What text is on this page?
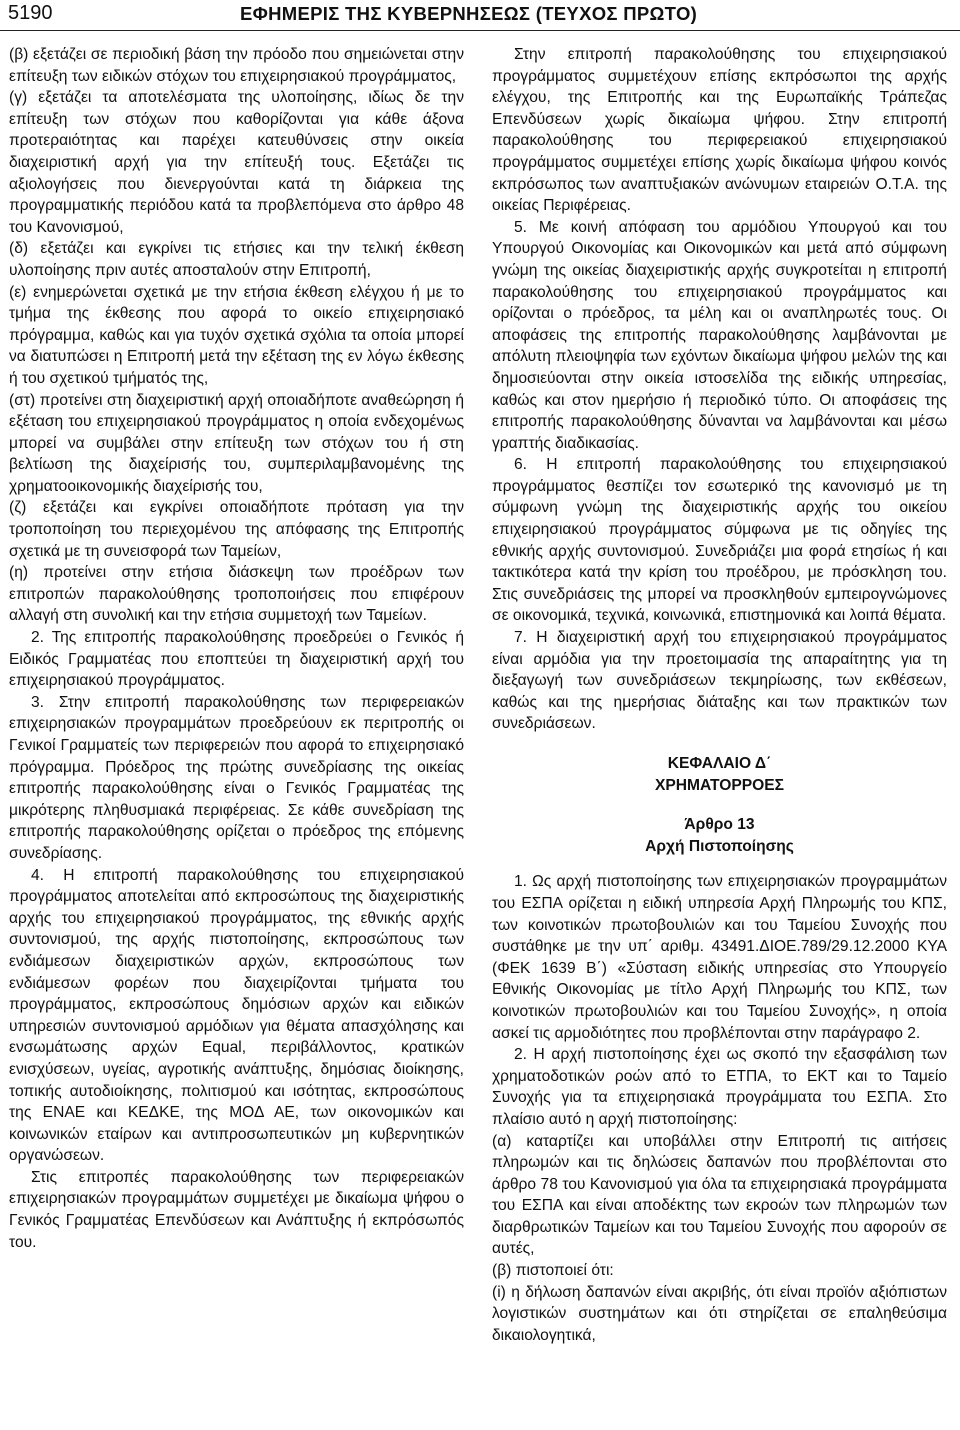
5190	ΕΦΗΜΕΡΙΣ ΤΗΣ ΚΥΒΕΡΝΗΣΕΩΣ (ΤΕΥΧΟΣ ΠΡΩΤΟ)

(β) εξετάζει σε περιοδική βάση την πρόοδο που σημειώνεται στην επίτευξη των ειδικών στόχων του επιχειρησιακού προγράμματος,

(γ) εξετάζει τα αποτελέσματα της υλοποίησης, ιδίως δε την επίτευξη των στόχων που καθορίζονται για κάθε άξονα προτεραιότητας και παρέχει κατευθύνσεις στην οικεία διαχειριστική αρχή για την επίτευξή τους. Εξετάζει τις αξιολογήσεις που διενεργούνται κατά τη διάρκεια της προγραμματικής περιόδου κατά τα προβλεπόμενα στο άρθρο 48 του Κανονισμού,

(δ) εξετάζει και εγκρίνει τις ετήσιες και την τελική έκθεση υλοποίησης πριν αυτές αποσταλούν στην Επιτροπή,

(ε) ενημερώνεται σχετικά με την ετήσια έκθεση ελέγχου ή με το τμήμα της έκθεσης που αφορά το οικείο επιχειρησιακό πρόγραμμα, καθώς και για τυχόν σχετικά σχόλια τα οποία μπορεί να διατυπώσει η Επιτροπή μετά την εξέταση της εν λόγω έκθεσης ή του σχετικού τμήματός της,

(στ) προτείνει στη διαχειριστική αρχή οποιαδήποτε αναθεώρηση ή εξέταση του επιχειρησιακού προγράμματος η οποία ενδεχομένως μπορεί να συμβάλει στην επίτευξη των στόχων του ή στη βελτίωση της διαχείρισής του, συμπεριλαμβανομένης της χρηματοοικονομικής διαχείρισής του,

(ζ) εξετάζει και εγκρίνει οποιαδήποτε πρόταση για την τροποποίηση του περιεχομένου της απόφασης της Επιτροπής σχετικά με τη συνεισφορά των Ταμείων,

(η) προτείνει στην ετήσια διάσκεψη των προέδρων των επιτροπών παρακολούθησης τροποποιήσεις που επιφέρουν αλλαγή στη συνολική και την ετήσια συμμετοχή των Ταμείων.

2. Της επιτροπής παρακολούθησης προεδρεύει ο Γενικός ή Ειδικός Γραμματέας που εποπτεύει τη διαχειριστική αρχή του επιχειρησιακού προγράμματος.

3. Στην επιτροπή παρακολούθησης των περιφερειακών επιχειρησιακών προγραμμάτων προεδρεύουν εκ περιτροπής οι Γενικοί Γραμματείς των περιφερειών που αφορά το επιχειρησιακό πρόγραμμα. Πρόεδρος της πρώτης συνεδρίασης της οικείας επιτροπής παρακολούθησης είναι ο Γενικός Γραμματέας της μικρότερης πληθυσμιακά περιφέρειας. Σε κάθε συνεδρίαση της επιτροπής παρακολούθησης ορίζεται ο πρόεδρος της επόμενης συνεδρίασης.

4. Η επιτροπή παρακολούθησης του επιχειρησιακού προγράμματος αποτελείται από εκπροσώπους της διαχειριστικής αρχής του επιχειρησιακού προγράμματος, της εθνικής αρχής συντονισμού, της αρχής πιστοποίησης, εκπροσώπους των ενδιάμεσων διαχειριστικών αρχών, εκπροσώπους των ενδιάμεσων φορέων που διαχειρίζονται τμήματα του προγράμματος, εκπροσώπους δημόσιων αρχών και ειδικών υπηρεσιών συντονισμού αρμόδιων για θέματα απασχόλησης και ενσωμάτωσης αρχών Equal, περιβάλλοντος, κρατικών ενισχύσεων, υγείας, αγροτικής ανάπτυξης, δημόσιας διοίκησης, τοπικής αυτοδιοίκησης, πολιτισμού και ισότητας, εκπροσώπους της ΕΝΑΕ και ΚΕΔΚΕ, της ΜΟΔ ΑΕ, των οικονομικών και κοινωνικών εταίρων και αντιπροσωπευτικών μη κυβερνητικών οργανώσεων.

Στις επιτροπές παρακολούθησης των περιφερειακών επιχειρησιακών προγραμμάτων συμμετέχει με δικαίωμα ψήφου ο Γενικός Γραμματέας Επενδύσεων και Ανάπτυξης ή εκπρόσωπός του.

Στην επιτροπή παρακολούθησης του επιχειρησιακού προγράμματος συμμετέχουν επίσης εκπρόσωποι της αρχής ελέγχου, της Επιτροπής και της Ευρωπαϊκής Τράπεζας Επενδύσεων χωρίς δικαίωμα ψήφου. Στην επιτροπή παρακολούθησης του περιφερειακού επιχειρησιακού προγράμματος συμμετέχει επίσης χωρίς δικαίωμα ψήφου κοινός εκπρόσωπος των αναπτυξιακών ανώνυμων εταιρειών Ο.Τ.Α. της οικείας Περιφέρειας.

5. Με κοινή απόφαση του αρμόδιου Υπουργού και του Υπουργού Οικονομίας και Οικονομικών και μετά από σύμφωνη γνώμη της οικείας διαχειριστικής αρχής συγκροτείται η επιτροπή παρακολούθησης του επιχειρησιακού προγράμματος και ορίζονται ο πρόεδρος, τα μέλη και οι αναπληρωτές τους. Οι αποφάσεις της επιτροπής παρακολούθησης λαμβάνονται με απόλυτη πλειοψηφία των εχόντων δικαίωμα ψήφου μελών της και δημοσιεύονται στην οικεία ιστοσελίδα της ειδικής υπηρεσίας, καθώς και στον ημερήσιο ή περιοδικό τύπο. Οι αποφάσεις της επιτροπής παρακολούθησης δύνανται να λαμβάνονται και μέσω γραπτής διαδικασίας.

6. Η επιτροπή παρακολούθησης του επιχειρησιακού προγράμματος θεσπίζει τον εσωτερικό της κανονισμό με τη σύμφωνη γνώμη της διαχειριστικής αρχής του οικείου επιχειρησιακού προγράμματος σύμφωνα με τις οδηγίες της εθνικής αρχής συντονισμού. Συνεδριάζει μια φορά ετησίως ή και τακτικότερα κατά την κρίση του προέδρου, με πρόσκληση του. Στις συνεδριάσεις της μπορεί να προσκληθούν εμπειρογνώμονες σε οικονομικά, τεχνικά, κοινωνικά, επιστημονικά και λοιπά θέματα.

7. Η διαχειριστική αρχή του επιχειρησιακού προγράμματος είναι αρμόδια για την προετοιμασία της απαραίτητης για τη διεξαγωγή των συνεδριάσεων τεκμηρίωσης, των εκθέσεων, καθώς και της ημερήσιας διάταξης και των πρακτικών των συνεδριάσεων.

ΚΕΦΑΛΑΙΟ Δ΄

ΧΡΗΜΑΤΟΡΡΟΕΣ

Άρθρο 13

Αρχή Πιστοποίησης

1. Ως αρχή πιστοποίησης των επιχειρησιακών προγραμμάτων του ΕΣΠΑ ορίζεται η ειδική υπηρεσία Αρχή Πληρωμής του ΚΠΣ, των κοινοτικών πρωτοβουλιών και του Ταμείου Συνοχής που συστάθηκε με την υπ΄ αριθμ. 43491.ΔΙΟΕ.789/29.12.2000 ΚΥΑ (ΦΕΚ 1639 Β΄) «Σύσταση ειδικής υπηρεσίας στο Υπουργείο Εθνικής Οικονομίας με τίτλο Αρχή Πληρωμής του ΚΠΣ, των κοινοτικών πρωτοβουλιών και του Ταμείου Συνοχής», η οποία ασκεί τις αρμοδιότητες που προβλέπονται στην παράγραφο 2.

2. Η αρχή πιστοποίησης έχει ως σκοπό την εξασφάλιση των χρηματοδοτικών ροών από το ΕΤΠΑ, το ΕΚΤ και το Ταμείο Συνοχής για τα επιχειρησιακά προγράμματα του ΕΣΠΑ. Στο πλαίσιο αυτό η αρχή πιστοποίησης:

(α) καταρτίζει και υποβάλλει στην Επιτροπή τις αιτήσεις πληρωμών και τις δηλώσεις δαπανών που προβλέπονται στο άρθρο 78 του Κανονισμού για όλα τα επιχειρησιακά προγράμματα του ΕΣΠΑ και είναι αποδέκτης των εκροών των πληρωμών των διαρθρωτικών Ταμείων και του Ταμείου Συνοχής που αφορούν σε αυτές,

(β) πιστοποιεί ότι:

(i) η δήλωση δαπανών είναι ακριβής, ότι είναι προϊόν αξιόπιστων λογιστικών συστημάτων και ότι στηρίζεται σε επαληθεύσιμα δικαιολογητικά,
